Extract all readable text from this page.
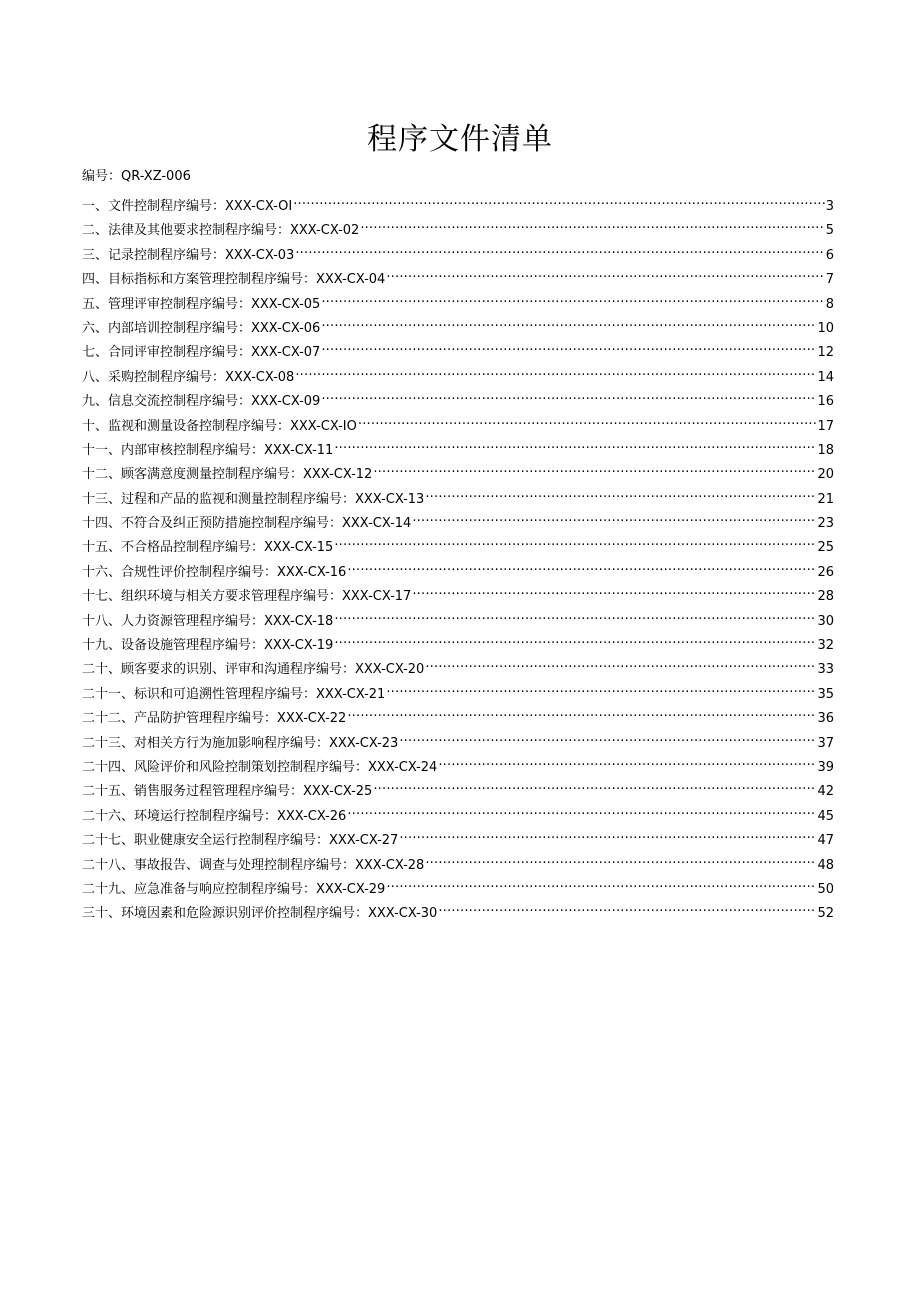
程序文件清单
编号：QR-XZ-006
一、文件控制程序编号：XXX-CX-OI .....	3
二、法律及其他要求控制程序编号：XXX-CX-02 .....	5
三、记录控制程序编号：XXX-CX-03 .....	6
四、目标指标和方案管理控制程序编号：XXX-CX-04 .....	7
五、管理评审控制程序编号：XXX-CX-05 .....	8
六、内部培训控制程序编号：XXX-CX-06 .....	10
七、合同评审控制程序编号：XXX-CX-07 .....	12
八、采购控制程序编号：XXX-CX-08 .....	14
九、信息交流控制程序编号：XXX-CX-09 .....	16
十、监视和测量设备控制程序编号：XXX-CX-IO .....	17
十一、内部审核控制程序编号：XXX-CX-11 .....	18
十二、顾客满意度测量控制程序编号：XXX-CX-12 .....	20
十三、过程和产品的监视和测量控制程序编号：XXX-CX-13 .....	21
十四、不符合及纠正预防措施控制程序编号：XXX-CX-14 .....	23
十五、不合格品控制程序编号：XXX-CX-15 .....	25
十六、合规性评价控制程序编号：XXX-CX-16 .....	26
十七、组织环境与相关方要求管理程序编号：XXX-CX-17 .....	28
十八、人力资源管理程序编号：XXX-CX-18 .....	30
十九、设备设施管理程序编号：XXX-CX-19 .....	32
二十、顾客要求的识别、评审和沟通程序编号：XXX-CX-20 .....	33
二十一、标识和可追溯性管理程序编号：XXX-CX-21 .....	35
二十二、产品防护管理程序编号：XXX-CX-22 .....	36
二十三、对相关方行为施加影响程序编号：XXX-CX-23 .....	37
二十四、风险评价和风险控制策划控制程序编号：XXX-CX-24 .....	39
二十五、销售服务过程管理程序编号：XXX-CX-25 .....	42
二十六、环境运行控制程序编号：XXX-CX-26 .....	45
二十七、职业健康安全运行控制程序编号：XXX-CX-27 .....	47
二十八、事故报告、调查与处理控制程序编号：XXX-CX-28 .....	48
二十九、应急准备与响应控制程序编号：XXX-CX-29 .....	50
三十、环境因素和危险源识别评价控制程序编号：XXX-CX-30 .....	52
